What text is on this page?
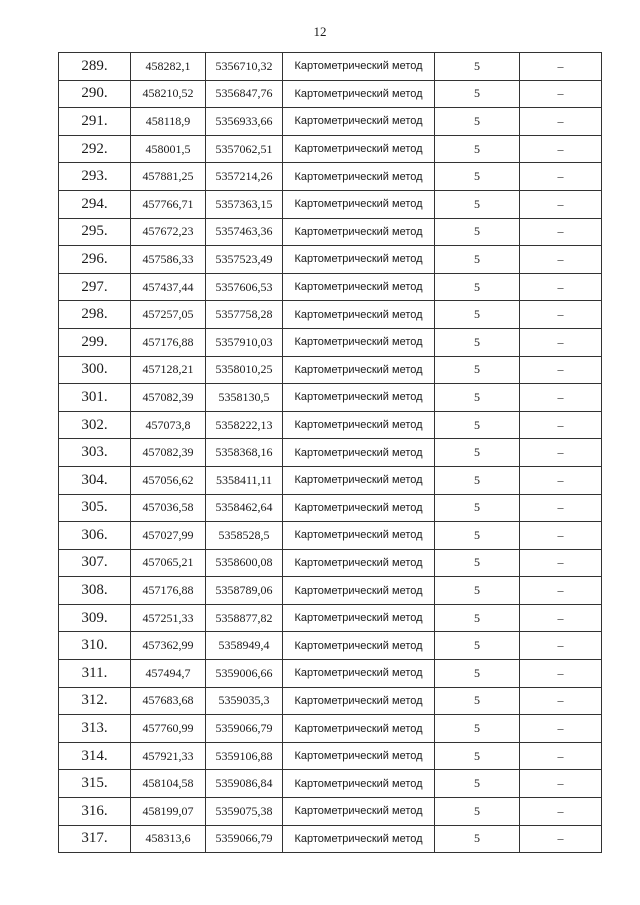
12
289.	458282,1	5356710,32	Картометрический метод	5	–
290.	458210,52	5356847,76	Картометрический метод	5	–
291.	458118,9	5356933,66	Картометрический метод	5	–
292.	458001,5	5357062,51	Картометрический метод	5	–
293.	457881,25	5357214,26	Картометрический метод	5	–
294.	457766,71	5357363,15	Картометрический метод	5	–
295.	457672,23	5357463,36	Картометрический метод	5	–
296.	457586,33	5357523,49	Картометрический метод	5	–
297.	457437,44	5357606,53	Картометрический метод	5	–
298.	457257,05	5357758,28	Картометрический метод	5	–
299.	457176,88	5357910,03	Картометрический метод	5	–
300.	457128,21	5358010,25	Картометрический метод	5	–
301.	457082,39	5358130,5	Картометрический метод	5	–
302.	457073,8	5358222,13	Картометрический метод	5	–
303.	457082,39	5358368,16	Картометрический метод	5	–
304.	457056,62	5358411,11	Картометрический метод	5	–
305.	457036,58	5358462,64	Картометрический метод	5	–
306.	457027,99	5358528,5	Картометрический метод	5	–
307.	457065,21	5358600,08	Картометрический метод	5	–
308.	457176,88	5358789,06	Картометрический метод	5	–
309.	457251,33	5358877,82	Картометрический метод	5	–
310.	457362,99	5358949,4	Картометрический метод	5	–
311.	457494,7	5359006,66	Картометрический метод	5	–
312.	457683,68	5359035,3	Картометрический метод	5	–
313.	457760,99	5359066,79	Картометрический метод	5	–
314.	457921,33	5359106,88	Картометрический метод	5	–
315.	458104,58	5359086,84	Картометрический метод	5	–
316.	458199,07	5359075,38	Картометрический метод	5	–
317.	458313,6	5359066,79	Картометрический метод	5	–
